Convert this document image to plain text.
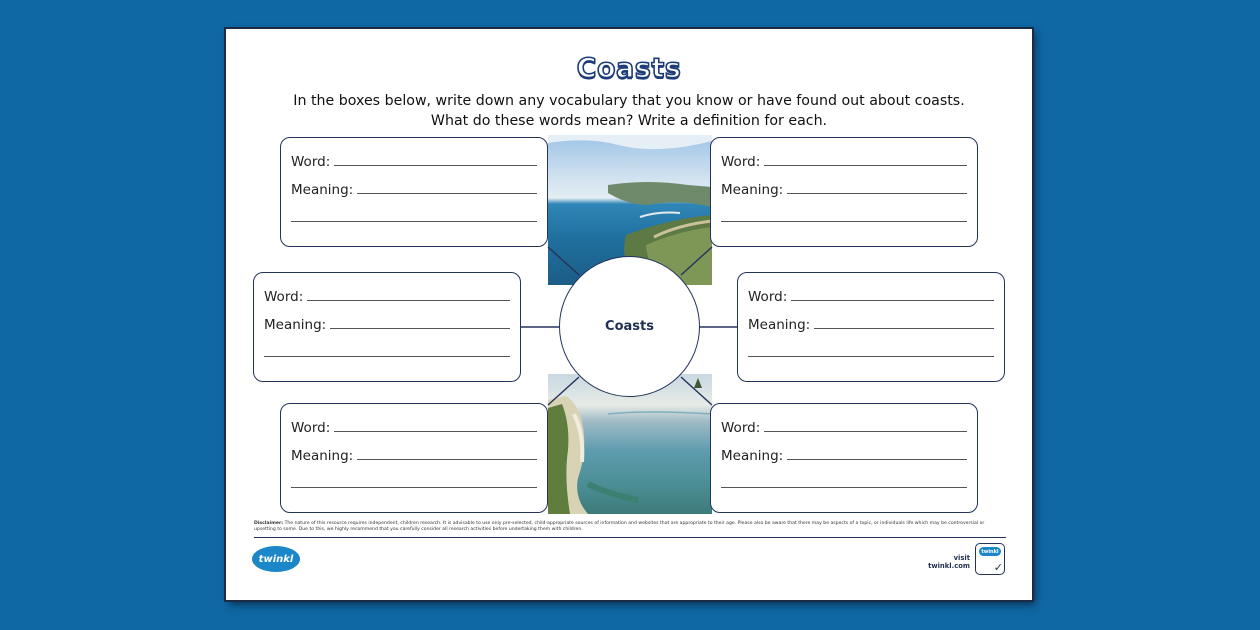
Coasts
In the boxes below, write down any vocabulary that you know or have found out about coasts.
What do these words mean? Write a definition for each.
Word:
Meaning:
Word:
Meaning:
Word:
Meaning:
Word:
Meaning:
Word:
Meaning:
Word:
Meaning:
Coasts
Disclaimer: The nature of this resource requires independent, children research. It is advisable to use only pre-selected, child-appropriate sources of information and websites that are appropriate to their age. Please also be aware that there may be aspects of a topic, or individuals life which may be controversial or upsetting to some. Due to this, we highly recommend that you carefully consider all research activities before undertaking them with children.
twinkl	visit twinkl.com
twinkl
✓
